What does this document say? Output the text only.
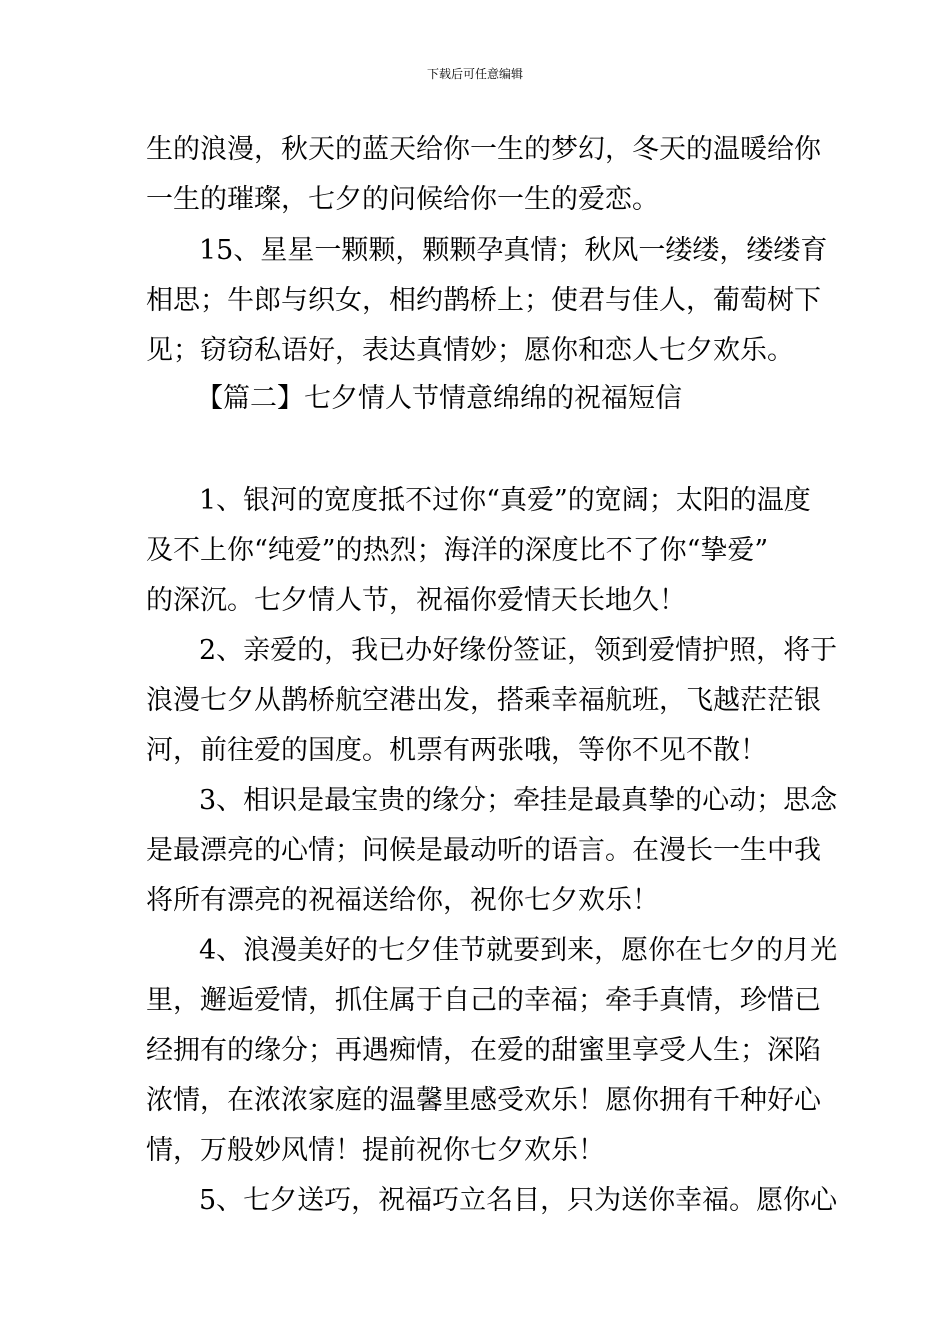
下载后可任意编辑
生的浪漫，秋天的蓝天给你一生的梦幻，冬天的温暖给你
一生的璀璨，七夕的问候给你一生的爱恋。
15、星星一颗颗，颗颗孕真情；秋风一缕缕，缕缕育
相思；牛郎与织女，相约鹊桥上；使君与佳人，葡萄树下
见；窃窃私语好，表达真情妙；愿你和恋人七夕欢乐。
【篇二】七夕情人节情意绵绵的祝福短信
1、银河的宽度抵不过你“真爱”的宽阔；太阳的温度
及不上你“纯爱”的热烈；海洋的深度比不了你“挚爱”
的深沉。七夕情人节，祝福你爱情天长地久！
2、亲爱的，我已办好缘份签证，领到爱情护照，将于
浪漫七夕从鹊桥航空港出发，搭乘幸福航班，飞越茫茫银
河，前往爱的国度。机票有两张哦，等你不见不散！
3、相识是最宝贵的缘分；牵挂是最真挚的心动；思念
是最漂亮的心情；问候是最动听的语言。在漫长一生中我
将所有漂亮的祝福送给你，祝你七夕欢乐！
4、浪漫美好的七夕佳节就要到来，愿你在七夕的月光
里，邂逅爱情，抓住属于自己的幸福；牵手真情，珍惜已
经拥有的缘分；再遇痴情，在爱的甜蜜里享受人生；深陷
浓情，在浓浓家庭的温馨里感受欢乐！愿你拥有千种好心
情，万般妙风情！提前祝你七夕欢乐！
5、七夕送巧，祝福巧立名目，只为送你幸福。愿你心
